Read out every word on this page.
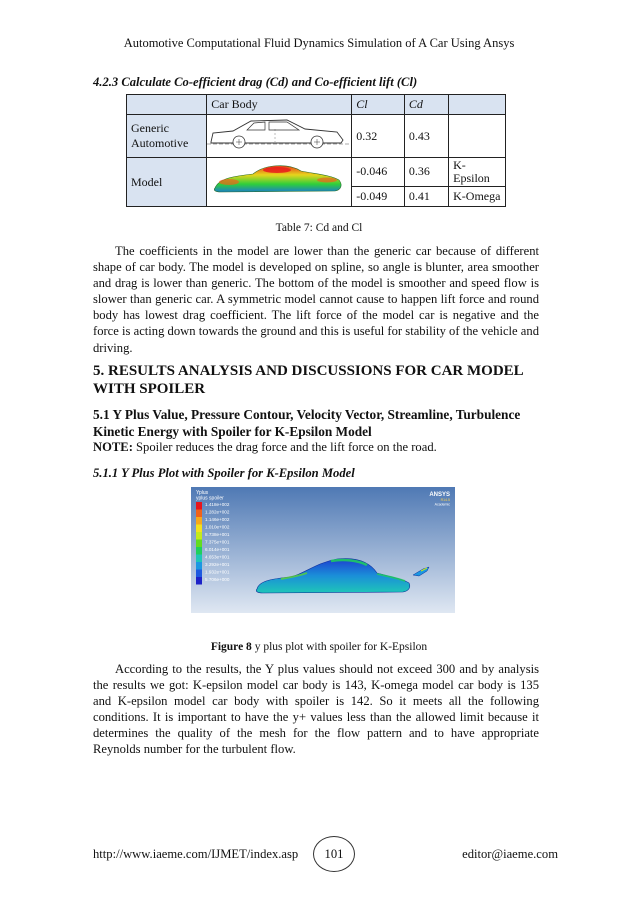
Automotive Computational Fluid Dynamics Simulation of A Car Using Ansys
4.2.3 Calculate Co-efficient drag (Cd) and Co-efficient lift (Cl)
	Car Body	Cl	Cd	
Generic Automotive		0.32	0.43	
Model		-0.046	0.36	K-Epsilon
		-0.049	0.41	K-Omega
Table 7: Cd and Cl

The coefficients in the model are lower than the generic car because of different shape of car body. The model is developed on spline, so angle is blunter, area smoother and drag is lower than generic. The bottom of the model is smoother and speed flow is slower than generic car. A symmetric model cannot cause to happen lift force and round body has lowest drag coefficient. The lift force of the model car is negative and the force is acting down towards the ground and this is useful for stability of the vehicle and driving.

5. RESULTS ANALYSIS AND DISCUSSIONS FOR CAR MODEL WITH SPOILER
5.1 Y Plus Value, Pressure Contour, Velocity Vector, Streamline, Turbulence Kinetic Energy with Spoiler for K-Epsilon Model
NOTE: Spoiler reduces the drag force and the lift force on the road.
5.1.1 Y Plus Plot with Spoiler for K-Epsilon Model
Yplus
yplus spoiler
1.418e+002
1.282e+002
1.146e+002
1.010e+002
8.738e+001
7.375e+001
6.014e+001
4.653e+001
3.292e+001
1.932e+001
5.706e+000
ANSYS
R14.5
Academic
Figure 8 y plus plot with spoiler for K-Epsilon

According to the results, the Y plus values should not exceed 300 and by analysis the results we got: K-epsilon model car body is 143, K-omega model car body is 135 and K-epsilon model car body with spoiler is 142. So it meets all the following conditions. It is important to have the y+ values less than the allowed limit because it determines the quality of the mesh for the flow pattern and to have appropriate Reynolds number for the turbulent flow.

http://www.iaeme.com/IJMET/index.asp	101	editor@iaeme.com
